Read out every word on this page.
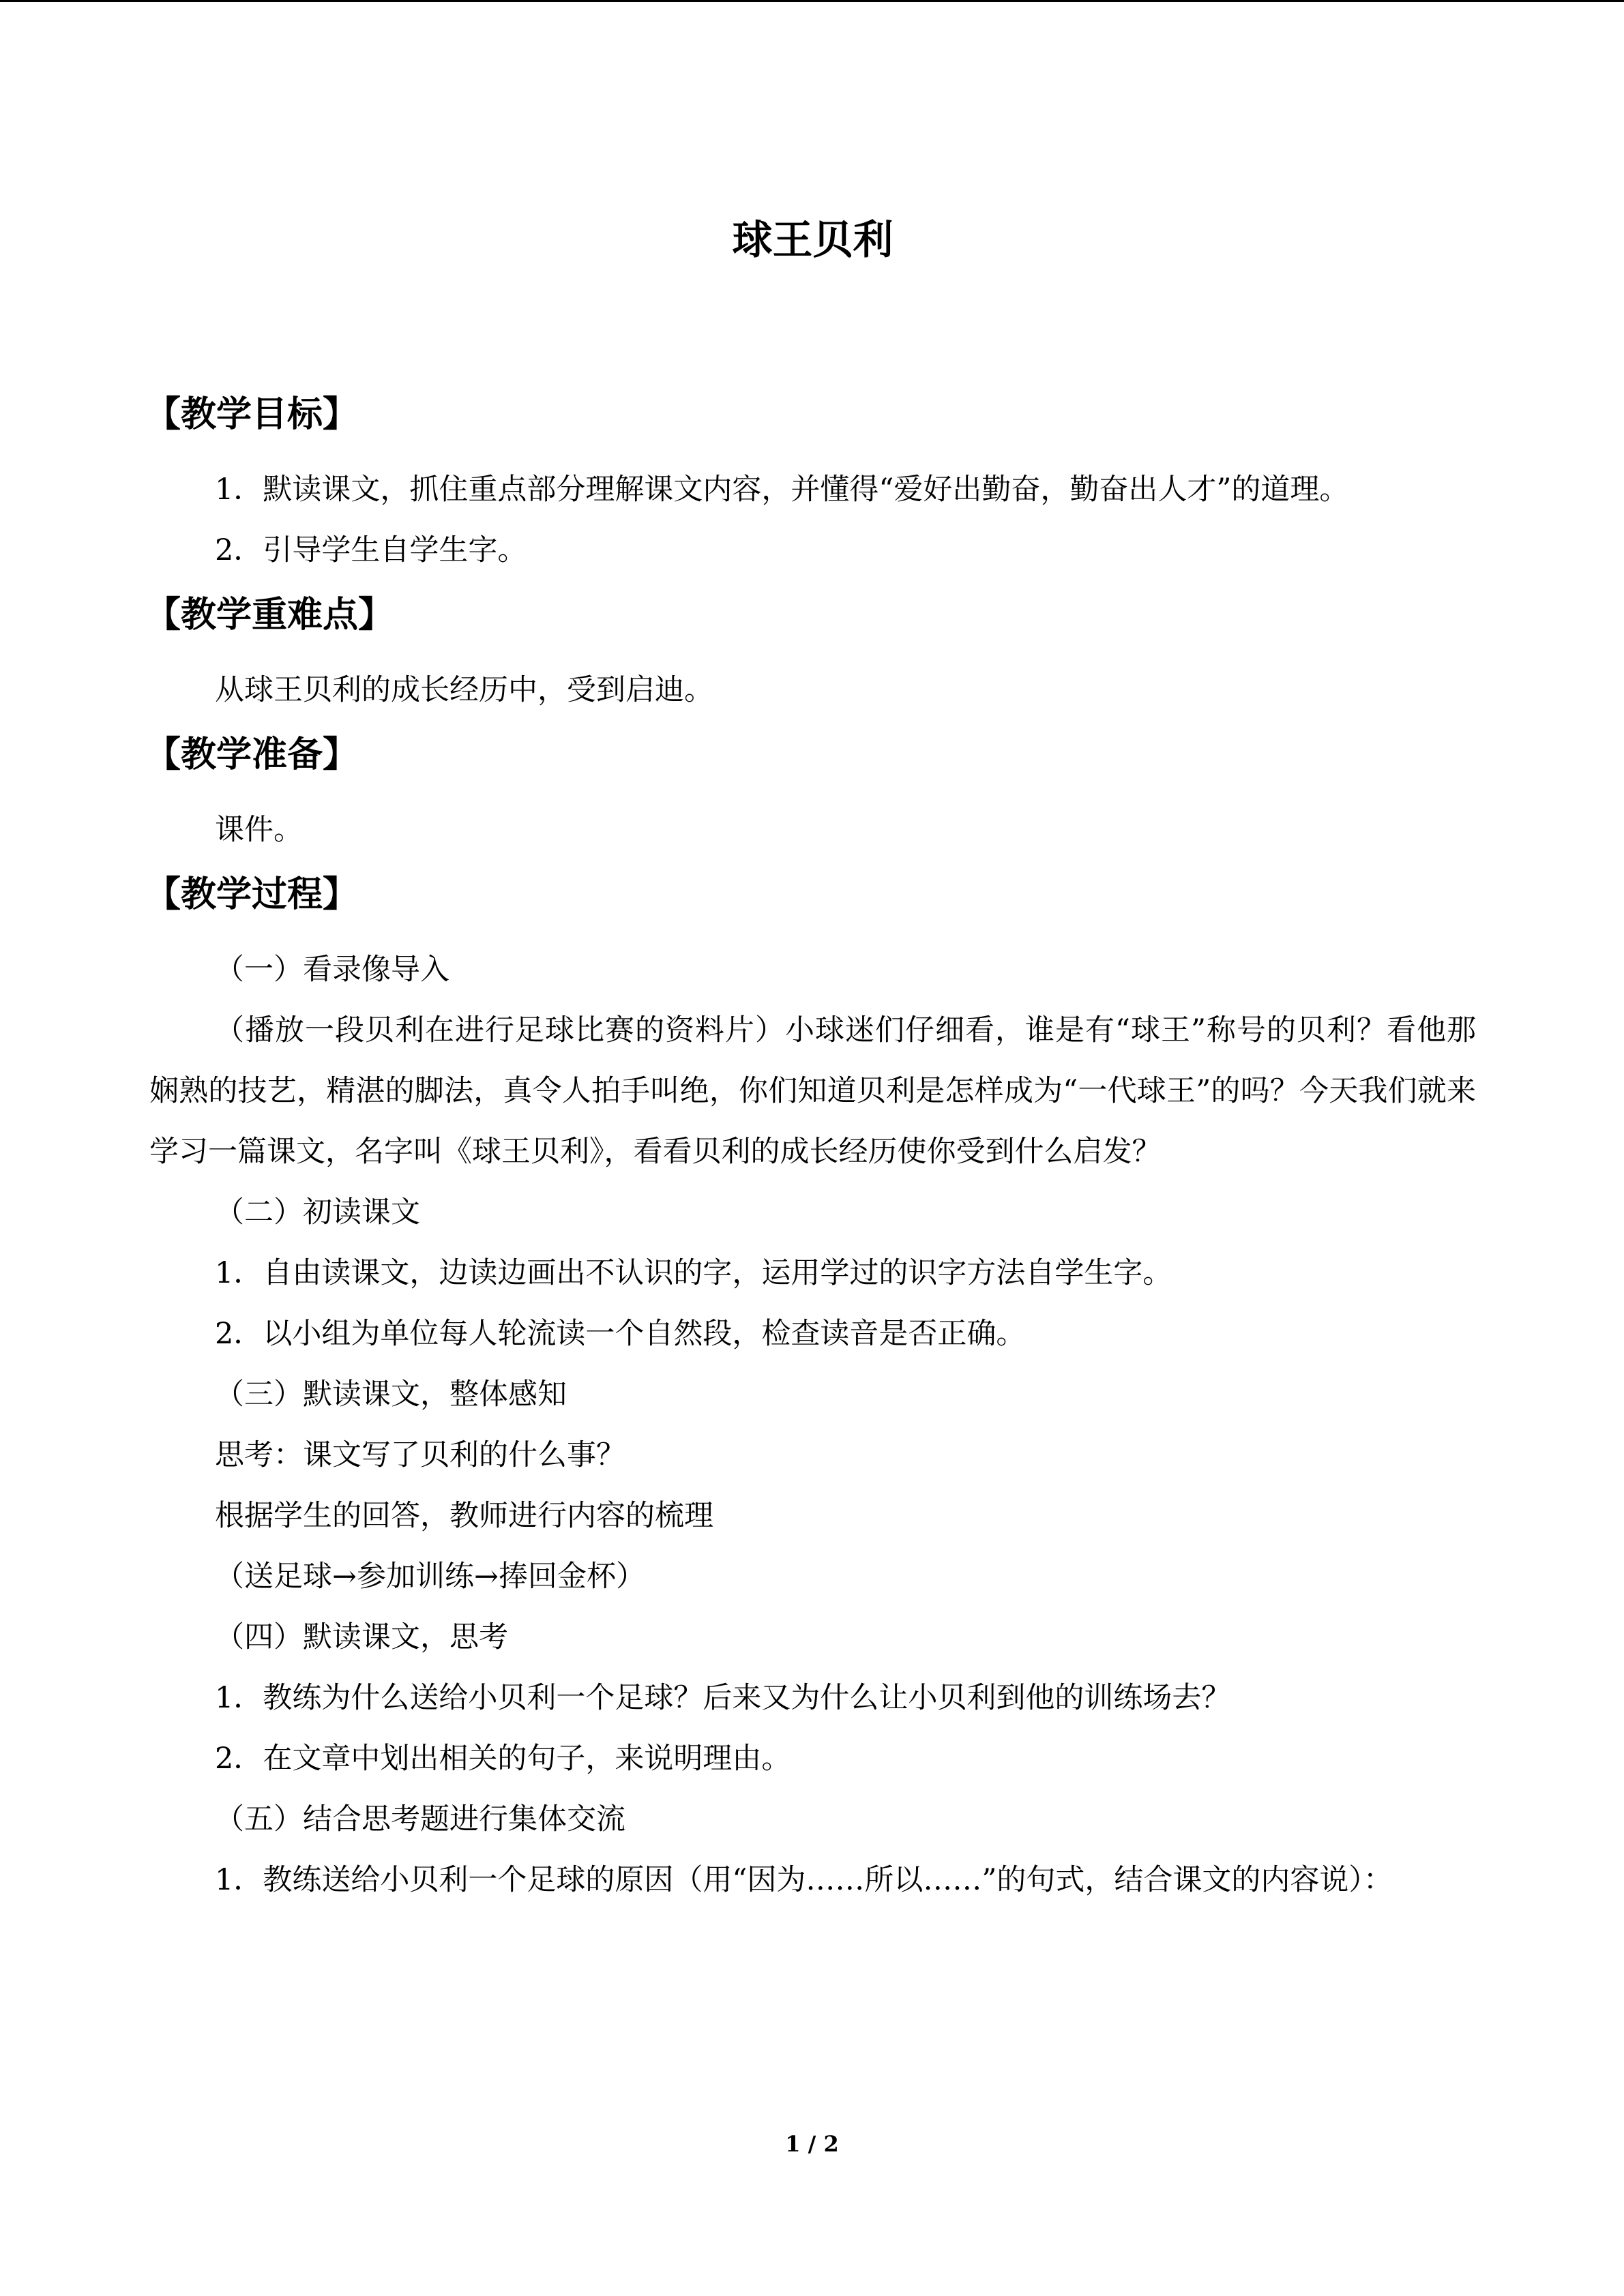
球王贝利
【教学目标】

1．默读课文，抓住重点部分理解课文内容，并懂得“爱好出勤奋，勤奋出人才”的道理。

2．引导学生自学生字。

【教学重难点】

从球王贝利的成长经历中，受到启迪。

【教学准备】

课件。

【教学过程】

（一）看录像导入

（播放一段贝利在进行足球比赛的资料片）小球迷们仔细看，谁是有“球王”称号的贝利？看他那娴熟的技艺，精湛的脚法，真令人拍手叫绝，你们知道贝利是怎样成为“一代球王”的吗？今天我们就来学习一篇课文，名字叫《球王贝利》，看看贝利的成长经历使你受到什么启发？

（二）初读课文

1．自由读课文，边读边画出不认识的字，运用学过的识字方法自学生字。

2．以小组为单位每人轮流读一个自然段，检查读音是否正确。

（三）默读课文，整体感知

思考：课文写了贝利的什么事？

根据学生的回答，教师进行内容的梳理

（送足球→参加训练→捧回金杯）

（四）默读课文，思考

1．教练为什么送给小贝利一个足球？后来又为什么让小贝利到他的训练场去？

2．在文章中划出相关的句子，来说明理由。

（五）结合思考题进行集体交流

1．教练送给小贝利一个足球的原因（用“因为……所以……”的句式，结合课文的内容说）：

1 / 2
